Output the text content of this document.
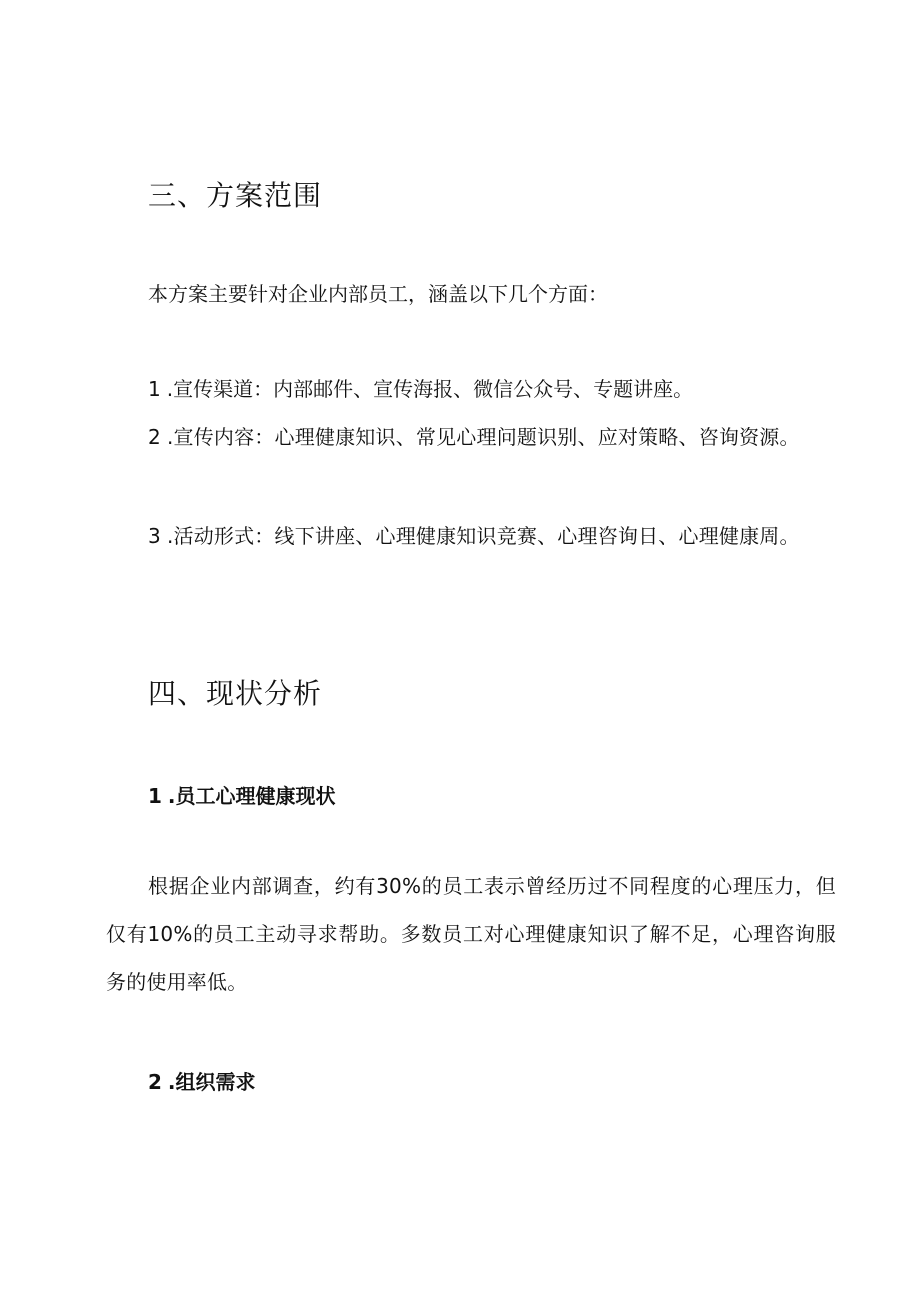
三、方案范围

本方案主要针对企业内部员工，涵盖以下几个方面：

1 .宣传渠道：内部邮件、宣传海报、微信公众号、专题讲座。

2 .宣传内容：心理健康知识、常见心理问题识别、应对策略、咨询资源。

3 .活动形式：线下讲座、心理健康知识竞赛、心理咨询日、心理健康周。

四、现状分析

1 .员工心理健康现状

根据企业内部调查，约有30%的员工表示曾经历过不同程度的心理压力，但仅有10%的员工主动寻求帮助。多数员工对心理健康知识了解不足，心理咨询服务的使用率低。

2 .组织需求
